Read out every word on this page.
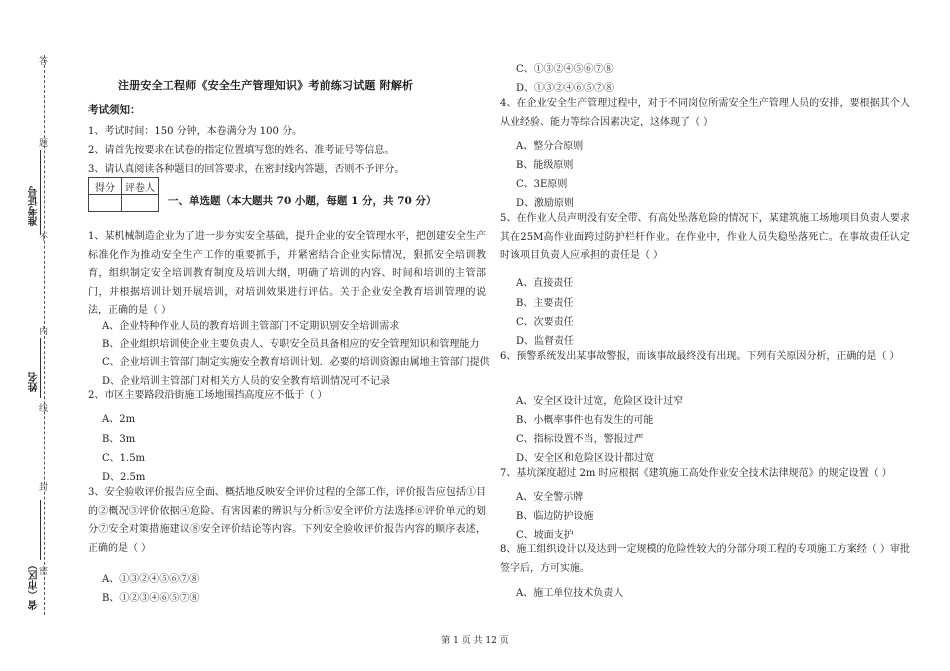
答
题
不
内
线
封
密
准考证号
姓名
省（市区）
注册安全工程师《安全生产管理知识》考前练习试题 附解析
考试须知：
1、考试时间：150 分钟，本卷满分为 100 分。
2、请首先按要求在试卷的指定位置填写您的姓名、准考证号等信息。
3、请认真阅读各种题目的回答要求，在密封线内答题，否则不予评分。
得分	评卷人

一、单选题（本大题共 70 小题，每题 1 分，共 70 分）
1、某机械制造企业为了进一步夯实安全基础，提升企业的安全管理水平，把创建安全生产标准化作为推动安全生产工作的重要抓手，并紧密结合企业实际情况，狠抓安全培训教育，组织制定安全培训教育制度及培训大纲，明确了培训的内容、时间和培训的主管部门，并根据培训计划开展培训，对培训效果进行评估。关于企业安全教育培训管理的说法，正确的是（ ）
A、企业特种作业人员的教育培训主管部门不定期识别安全培训需求
B、企业组织培训使企业主要负责人、专职安全员具备相应的安全管理知识和管理能力
C、企业培训主管部门制定实施安全教育培训计划．必要的培训资源由属地主管部门提供
D、企业培训主管部门对相关方人员的安全教育培训情况可不记录
2、市区主要路段沿街施工场地围挡高度应不低于（ ）
A、2m
B、3m
C、1.5m
D、2.5m
3、安全验收评价报告应全面、概括地反映安全评价过程的全部工作，评价报告应包括①目的②概况③评价依据④危险、有害因素的辨识与分析⑤安全评价方法选择⑥评价单元的划分⑦安全对策措施建议⑧安全评价结论等内容。下列安全验收评价报告内容的顺序表述，正确的是（ ）
A、①③②④⑤⑥⑦⑧
B、①②③④⑥⑤⑦⑧
C、①③②④⑤⑥⑦⑧
D、①③②④⑥⑤⑦⑧
4、在企业安全生产管理过程中，对于不同岗位所需安全生产管理人员的安排，要根据其个人从业经验、能力等综合因素决定，这体现了（ ）
A、整分合原则
B、能级原则
C、3E原则
D、激励原则
5、在作业人员声明没有安全带、有高处坠落危险的情况下，某建筑施工场地项目负责人要求其在25M高作业面跨过防护栏杆作业。在作业中，作业人员失稳坠落死亡。在事故责任认定时该项目负责人应承担的责任是（ ）
A、直接责任
B、主要责任
C、次要责任
D、监督责任
6、预警系统发出某事故警报，而该事故最终没有出现。下列有关原因分析，正确的是（ ）
A、安全区设计过宽，危险区设计过窄
B、小概率事件也有发生的可能
C、指标设置不当，警报过严
D、安全区和危险区设计都过宽
7、基坑深度超过 2m 时应根据《建筑施工高处作业安全技术法律规范》的规定设置（ ）
A、安全警示牌
B、临边防护设施
C、坡面支护
8、施工组织设计以及达到一定规模的危险性较大的分部分项工程的专项施工方案经（ ）审批签字后，方可实施。
A、施工单位技术负责人
第 1 页 共 12 页
